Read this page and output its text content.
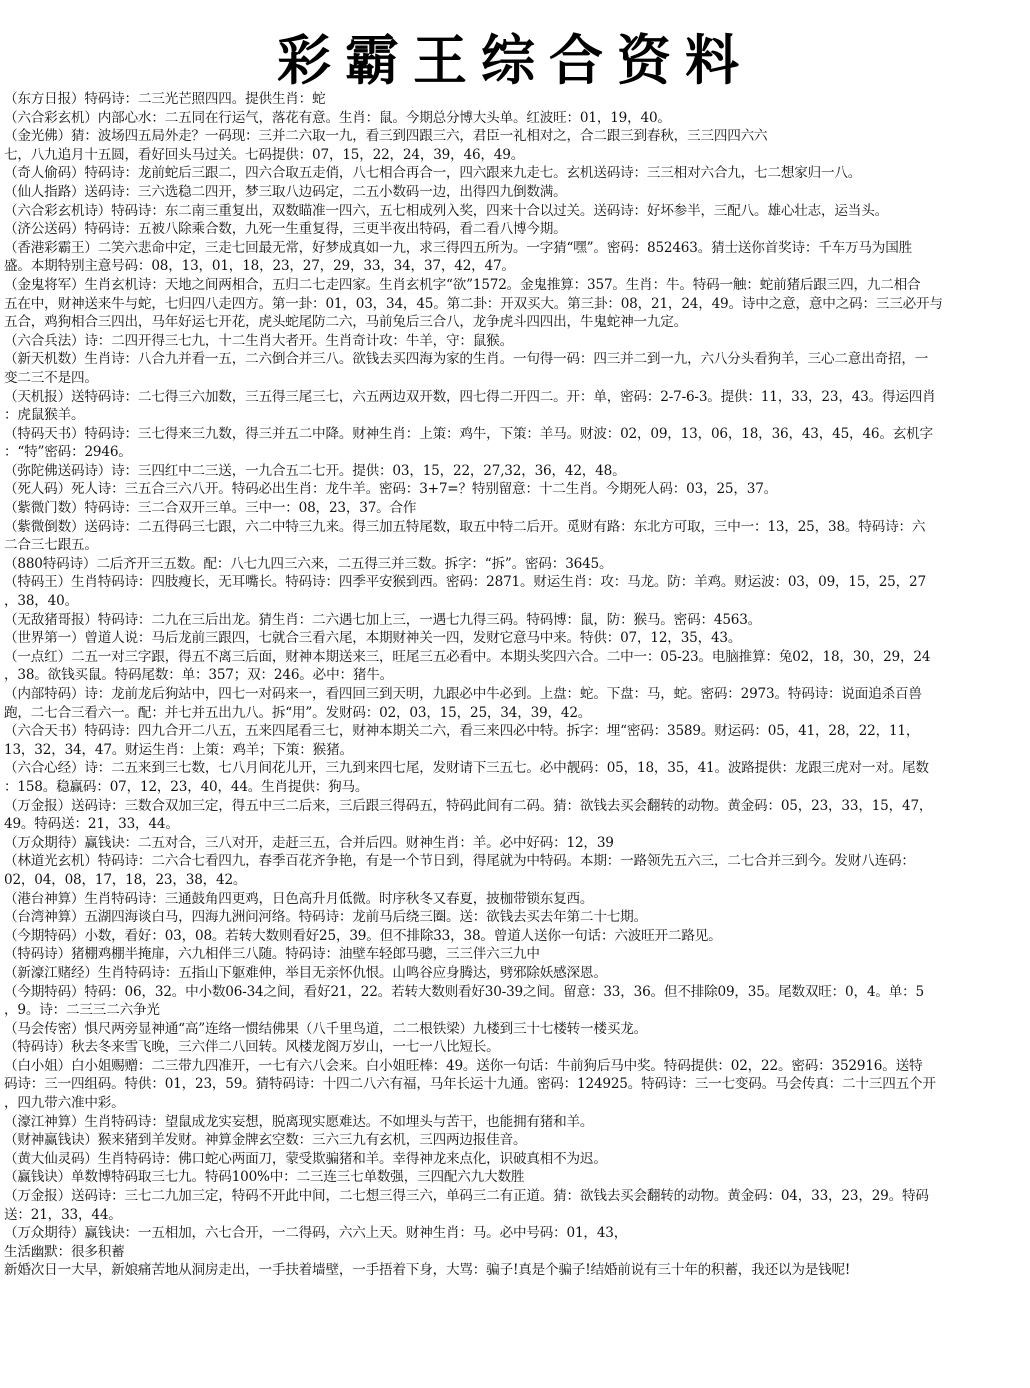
彩霸王综合资料
（东方日报）特码诗：二三光芒照四四。提供生肖：蛇
（六合彩玄机）内部心水：二五同在行运气，落花有意。生肖：鼠。今期总分博大头单。红波旺：01，19，40。
（金光佛）猜：波场四五局外走？一码现：三并二六取一九，看三到四跟三六，君臣一礼相对之，合二跟三到春秋，三三四四六六
七，八九追月十五圆，看好回头马过关。七码提供：07，15，22，24，39，46，49。
（奇人偷码）特码诗：龙前蛇后三跟二，四六合取五走俏，八七相合再合一，四六跟来九走七。玄机送码诗：三三相对六合九，七二想家归一八。
（仙人指路）送码诗：三六选稳二四开，梦三取八边码定，二五小数码一边，出得四九倒数满。
（六合彩玄机诗）特码诗：东二南三重复出，双数瞄准一四六，五七相成列入奖，四来十合以过关。送码诗：好坏参半，三配八。雄心壮志，运当头。
（济公送码）特码诗：五被八除乘合数，九死一生重复得，三更半夜出特码，看二看八博今期。
（香港彩霸王）二笑六悲命中定，三走七回最无常，好梦成真如一九，求三得四五所为。一字猜“嘿”。密码：852463。猜士送你首奖诗：千车万马为国胜
盛。本期特别主意号码：08，13，01，18，23，27，29，33，34，37，42，47。
（金鬼将军）生肖玄机诗：天地之间两相合，五归二七走四家。生肖玄机字“欲”1572。金鬼推算：357。生肖：牛。特码一触：蛇前猪后跟三四，九二相合
五在中，财神送来牛与蛇，七归四八走四方。第一卦：01，03，34，45。第二卦：开双买大。第三卦：08，21，24，49。诗中之意，意中之码：三三必开与
五合，鸡狗相合三四出，马年好运七开花，虎头蛇尾防二六，马前兔后三合八，龙争虎斗四四出，牛鬼蛇神一九定。
（六合兵法）诗：二四开得三七九，十二生肖大者开。生肖奇计攻：牛羊，守：鼠猴。
（新天机数）生肖诗：八合九并看一五，二六倒合并三八。欲钱去买四海为家的生肖。一句得一码：四三并二到一九，六八分头看狗羊，三心二意出奇招，一
变二三不是四。
（天机报）送特码诗：二七得三六加数，三五得三尾三七，六五两边双开数，四七得二开四二。开：单，密码：2-7-6-3。提供：11，33，23，43。得运四肖
：虎鼠猴羊。
（特码天书）特码诗：三七得来三九数，得三并五二中降。财神生肖：上策：鸡牛，下策：羊马。财波：02，09，13，06，18，36，43，45，46。玄机字
：“特”密码：2946。
（弥陀佛送码诗）诗：三四红中二三送，一九合五二七开。提供：03，15，22，27,32，36，42，48。
（死人码）死人诗：三五合三六八开。特码必出生肖：龙牛羊。密码：3+7=？特别留意：十二生肖。今期死人码：03，25，37。
（紫微门数）特码诗：三二合双开三单。三中一：08，23，37。合作
（紫微倒数）送码诗：二五得码三七跟，六二中特三九来。得三加五特尾数，取五中特二后开。觅财有路：东北方可取，三中一：13，25，38。特码诗：六
二合三七跟五。
（880特码诗）二后齐开三五数。配：八七九四三六来，二五得三并三数。拆字：“拆”。密码：3645。
（特码王）生肖特码诗：四肢瘦长，无耳嘴长。特码诗：四季平安猴到西。密码：2871。财运生肖：攻：马龙。防：羊鸡。财运波：03，09，15，25，27
，38，40。
（无敌猪哥报）特码诗：二九在三后出龙。猜生肖：二六遇七加上三，一遇七九得三码。特码博：鼠，防：猴马。密码：4563。
（世界第一）曾道人说：马后龙前三跟四，七就合三看六尾，本期财神关一四，发财它意马中来。特供：07，12，35，43。
（一点红）二五一对三字跟，得五不离三后面，财神本期送来三，旺尾三五必看中。本期头奖四六合。二中一：05-23。电脑推算：兔02，18，30，29，24
，38。欲钱买鼠。特码尾数：单：357；双：246。必中：猪牛。
（内部特码）诗：龙前龙后狗站中，四七一对码来一，看四回三到天明，九跟必中牛必到。上盘：蛇。下盘：马，蛇。密码：2973。特码诗：说面追杀百兽
跑，二七合三看六一。配：并七并五出九八。拆“用”。发财码：02，03，15，25，34，39，42。
（六合天书）特码诗：四九合开二八五，五来四尾看三七，财神本期关二六，看三来四必中特。拆字：埋“密码：3589。财运码：05，41，28，22，11，
13，32，34，47。财运生肖：上策：鸡羊；下策：猴猪。
（六合心经）诗：二五来到三七数，七八月间花儿开，三九到来四七尾，发财请下三五七。必中靓码：05，18，35，41。波路提供：龙跟三虎对一对。尾数
：158。稳赢码：07，12，23，40，44。生肖提供：狗马。
（万金报）送码诗：三数合双加三定，得五中三二后来，三后跟三得码五，特码此间有二码。猜：欲钱去买会翻转的动物。黄金码：05，23，33，15，47，
49。特码送：21，33，44。
（万众期待）赢钱诀：二五对合，三八对开，走赶三五，合并后四。财神生肖：羊。必中好码：12，39
（林道光玄机）特码诗：二六合七看四九，春季百花齐争艳，有是一个节日到，得尾就为中特码。本期：一路领先五六三，二七合并三到今。发财八连码：
02，04，08，17，18，23，38，42。
（港台神算）生肖特码诗：三通鼓角四更鸡，日色高升月低微。时序秋冬又春夏，披枷带锁东复西。
（台湾神算）五湖四海谈白马，四海九洲问河络。特码诗：龙前马后绕三圈。送：欲钱去买去年第二十七期。
（今期特码）小数，看好：03，08。若转大数则看好25，39。但不排除33，38。曾道人送你一句话：六波旺开二路见。
（特码诗）猪棚鸡棚半掩扉，六九相伴三八随。特码诗：油壁车轻郎马骢，三三伴六三九中
（新濠江赌经）生肖特码诗：五指山下躯难伸，举目无亲怀仇恨。山鸣谷应身腾达，劈邪除妖感深恩。
（今期特码）特码：06，32。中小数06-34之间，看好21，22。若转大数则看好30-39之间。留意：33，36。但不排除09，35。尾数双旺：0，4。单：5
，9。诗：二三三二六争光
（马会传密）惧尺两旁显神通“高”连络一惯结佛果（八千里鸟道，二二根铁梁）九楼到三十七楼转一楼买龙。
（特码诗）秋去冬来雪飞晚，三六伴二八回转。风楼龙阁万岁山，一七一八比短长。
（白小姐）白小姐赐赠：二三带九四准开，一七有六八会来。白小姐旺棒：49。送你一句话：牛前狗后马中奖。特码提供：02，22。密码：352916。送特
码诗：三一四组码。特供：01，23，59。猜特码诗：十四二八六有福，马年长运十九通。密码：124925。特码诗：三一七变码。马会传真：二十三四五个开
，四九带六准中彩。
（濠江神算）生肖特码诗：望鼠成龙实妄想，脱离现实愿难达。不如埋头与苦干，也能拥有猪和羊。
（财神赢钱诀）猴来猪到羊发财。神算金牌玄空数：三六三九有玄机，三四两边报佳音。
（黄大仙灵码）生肖特码诗：佛口蛇心两面刀，蒙受欺骗猪和羊。幸得神龙来点化，识破真相不为迟。
（赢钱诀）单数博特码取三七九。特码100%中：二三连三七单数强，三四配六九大数胜
（万金报）送码诗：三七二九加三定，特码不开此中间，二七想三得三六，单码三二有正道。猜：欲钱去买会翻转的动物。黄金码：04，33，23，29。特码
送：21，33，44。
（万众期待）赢钱诀：一五相加，六七合开，一二得码，六六上天。财神生肖：马。必中号码：01，43，
生活幽默：很多积蓄
新婚次日一大早，新娘痛苦地从洞房走出，一手扶着墙壁，一手捂着下身，大骂：骗子!真是个骗子!结婚前说有三十年的积蓄，我还以为是钱呢!
